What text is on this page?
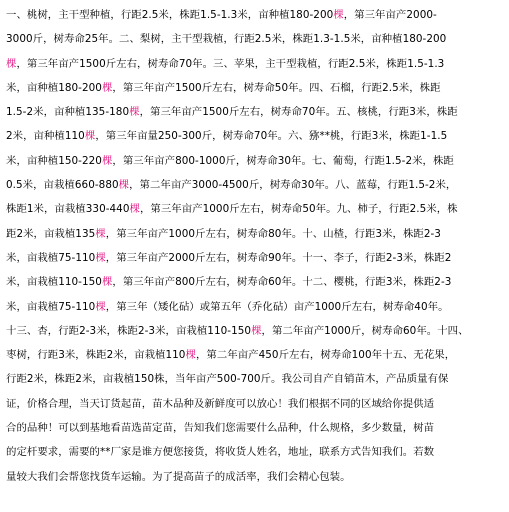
一、桃树，主干型种植，行距2.5米，株距1.5-1.3米，亩种植180-200棵，第三年亩产2000-
3000斤，树寿命25年。二、梨树，主干型栽植，行距2.5米，株距1.3-1.5米，亩种植180-200
棵，第三年亩产1500斤左右，树寿命70年。三、苹果，主干型栽植，行距2.5米，株距1.5-1.3
米，亩种植180-200棵，第三年亩产1500斤左右，树寿命50年。四、石榴，行距2.5米，株距
1.5-2米，亩种植135-180棵，第三年亩产1500斤左右，树寿命70年。五、核桃，行距3米，株距
2米，亩种植110棵，第三年亩量250-300斤，树寿命70年。六、猕**桃，行距3米，株距1-1.5
米，亩种植150-220棵，第三年亩产800-1000斤，树寿命30年。七、葡萄，行距1.5-2米，株距
0.5米，亩栽植660-880棵，第二年亩产3000-4500斤，树寿命30年。八、蓝莓，行距1.5-2米，
株距1米，亩栽植330-440棵，第三年亩产1000斤左右，树寿命50年。九、柿子，行距2.5米，株
距2米，亩栽植135棵，第三年亩产1000斤左右，树寿命80年。十、山楂，行距3米，株距2-3
米，亩栽植75-110棵，第三年亩产2000斤左右，树寿命90年。十一、李子，行距2-3米，株距2
米，亩栽植110-150棵，第三年亩产800斤左右，树寿命60年。十二、樱桃，行距3米，株距2-3
米，亩栽植75-110棵，第三年（矮化砧）或第五年（乔化砧）亩产1000斤左右，树寿命40年。
十三、杏，行距2-3米，株距2-3米，亩栽植110-150棵，第二年亩产1000斤，树寿命60年。十四、
枣树，行距3米，株距2米，亩栽植110棵，第二年亩产450斤左右，树寿命100年十五、无花果，
行距2米，株距2米，亩栽植150株，当年亩产500-700斤。我公司自产自销苗木，产品质量有保
证，价格合理，当天订货起苗，苗木品种及新鲜度可以放心！我们根据不同的区域给你提供适
合的品种！可以到基地看苗选苗定苗，告知我们您需要什么品种，什么规格，多少数量，树苗
的定杆要求，需要的**厂家是谁方便您接货，将收货人姓名，地址，联系方式告知我们。若数
量较大我们会帮您找货车运输。为了提高苗子的成活率，我们会精心包装。
